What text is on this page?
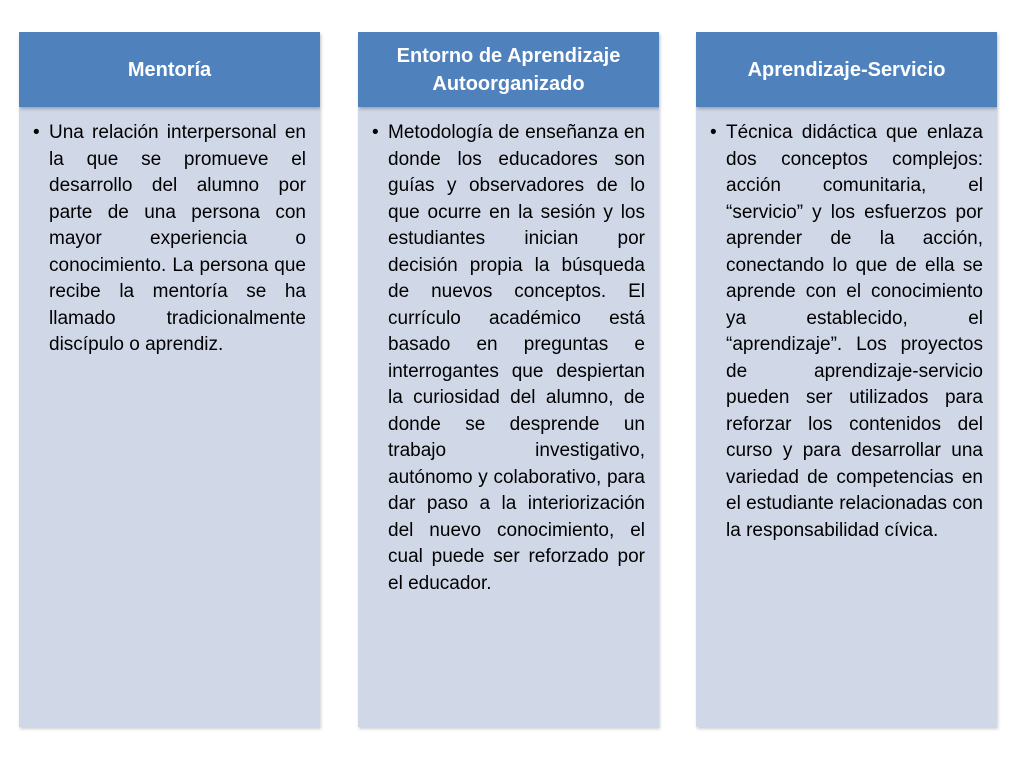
Mentoría
• Una relación interpersonal en la que se promueve el desarrollo del alumno por parte de una persona con mayor experiencia o conocimiento. La persona que recibe la mentoría se ha llamado tradicionalmente discípulo o aprendiz.
Entorno de Aprendizaje Autoorganizado
• Metodología de enseñanza en donde los educadores son guías y observadores de lo que ocurre en la sesión y los estudiantes inician por decisión propia la búsqueda de nuevos conceptos. El currículo académico está basado en preguntas e interrogantes que despiertan la curiosidad del alumno, de donde se desprende un trabajo investigativo, autónomo y colaborativo, para dar paso a la interiorización del nuevo conocimiento, el cual puede ser reforzado por el educador.
Aprendizaje-Servicio
• Técnica didáctica que enlaza dos conceptos complejos: acción comunitaria, el “servicio” y los esfuerzos por aprender de la acción, conectando lo que de ella se aprende con el conocimiento ya establecido, el “aprendizaje”. Los proyectos de aprendizaje-servicio pueden ser utilizados para reforzar los contenidos del curso y para desarrollar una variedad de competencias en el estudiante relacionadas con la responsabilidad cívica.
